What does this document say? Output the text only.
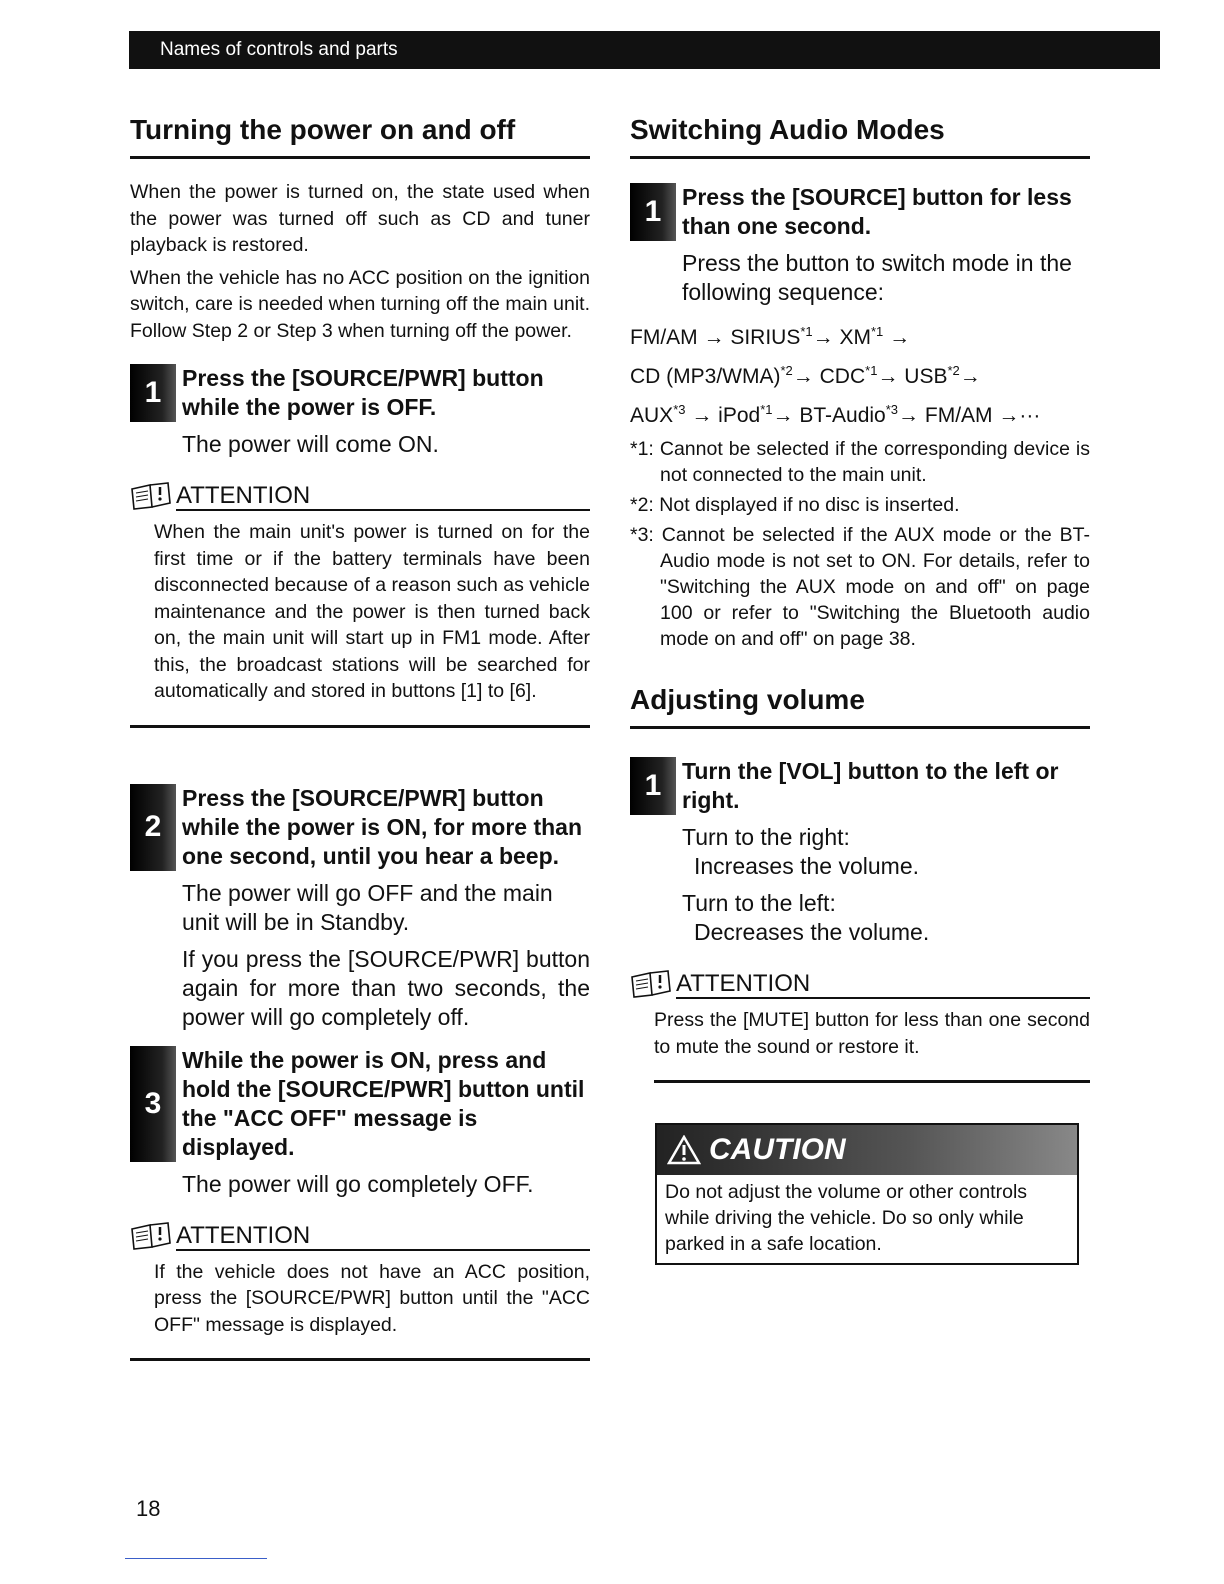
Names of controls and parts
Turning the power on and off

When the power is turned on, the state used when the power was turned off such as CD and tuner playback is restored.

When the vehicle has no ACC position on the ignition switch, care is needed when turning off the main unit. Follow Step 2 or Step 3 when turning off the power.

1 Press the [SOURCE/PWR] button while the power is OFF.

The power will come ON.

ATTENTION
When the main unit's power is turned on for the first time or if the battery terminals have been disconnected because of a reason such as vehicle maintenance and the power is then turned back on, the main unit will start up in FM1 mode. After this, the broadcast stations will be searched for automatically and stored in buttons [1] to [6].
2
Press the [SOURCE/PWR] button while the power is ON, for more than one second, until you hear a beep.

The power will go OFF and the main unit will be in Standby.

If you press the [SOURCE/PWR] button again for more than two seconds, the power will go completely off.

3
While the power is ON, press and hold the [SOURCE/PWR] button until the "ACC OFF" message is displayed.

The power will go completely OFF.

ATTENTION
If the vehicle does not have an ACC position, press the [SOURCE/PWR] button until the "ACC OFF" message is displayed.
Switching Audio Modes
1 Press the [SOURCE] button for less than one second.

Press the button to switch mode in the following sequence:

$FM/AM \to SIRIUS^{*1}\to XM^{*1}$ →
CD $(MP3/WMA)^{*2}\to CDC^{*1}\to USB^{*2}\to$
$AUX^{*3}$ → iPod$^{*1}$→ BT-Audio$^{*3}$→ FM/AM →···
*1: Cannot be selected if the corresponding device is not connected to the main unit.
*2: Not displayed if no disc is inserted.
*3: Cannot be selected if the AUX mode or the BT-Audio mode is not set to ON. For details, refer to "Switching the AUX mode on and off" on page 100 or refer to "Switching the Bluetooth audio mode on and off" on page 38.
Adjusting volume
1 Turn the [VOL] button to the left or right.

Turn to the right:

Increases the volume.

Turn to the left:

Decreases the volume.

ATTENTION
Press the [MUTE] button for less than one second to mute the sound or restore it.
CAUTION
Do not adjust the volume or other controls while driving the vehicle. Do so only while parked in a safe location.
18
